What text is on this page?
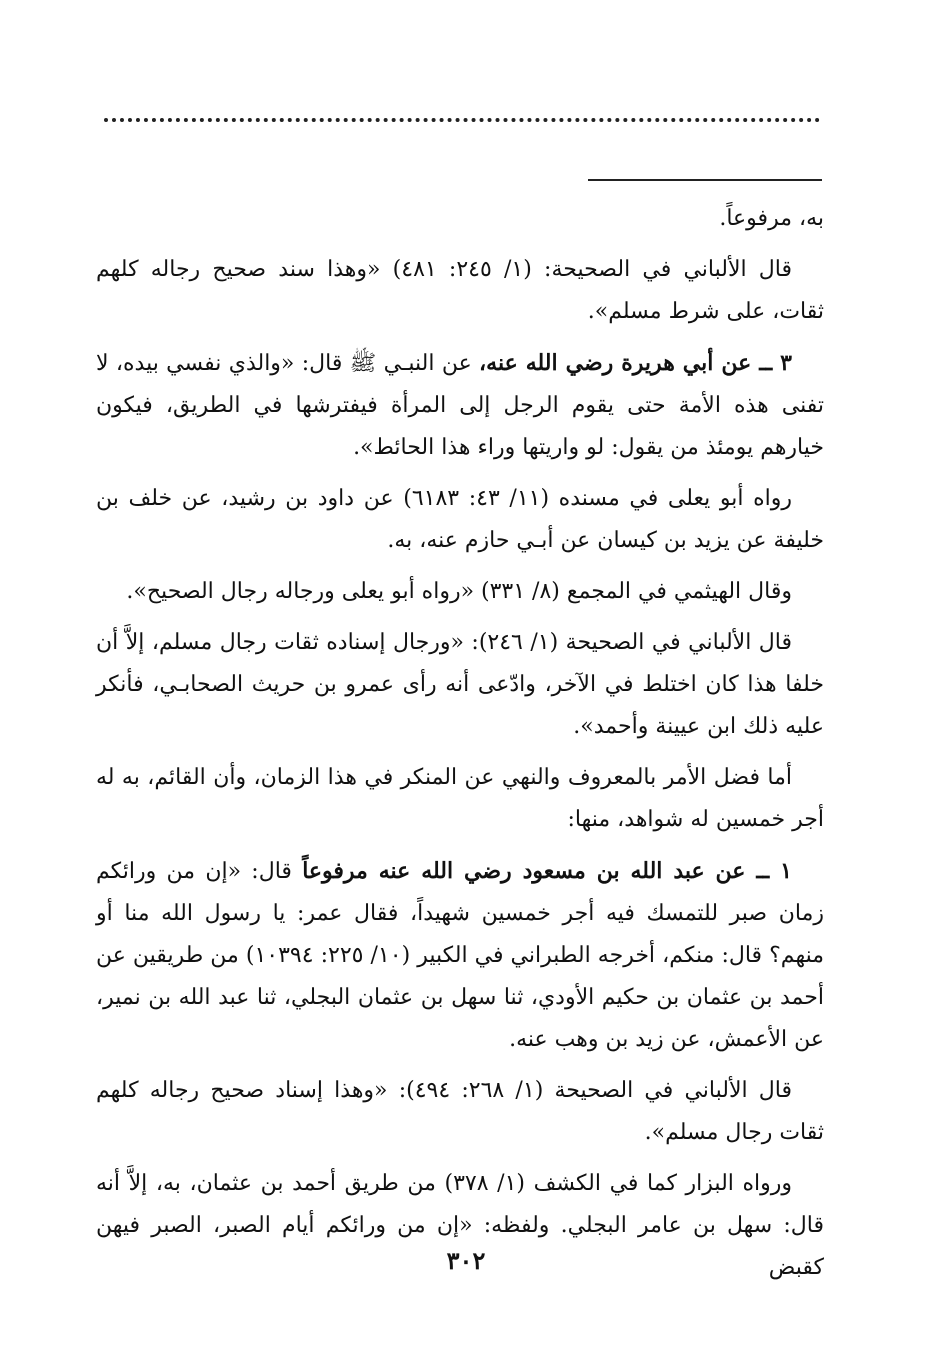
به، مرفوعاً.

قال الألباني في الصحيحة: (١/ ٢٤٥: ٤٨١) «وهذا سند صحيح رجاله كلهم ثقات، على شرط مسلم».

٣ ــ عن أبي هريرة رضي الله عنه، عن النبـي ﷺ قال: «والذي نفسي بيده، لا تفنى هذه الأمة حتى يقوم الرجل إلى المرأة فيفترشها في الطريق، فيكون خيارهم يومئذ من يقول: لو واريتها وراء هذا الحائط».

رواه أبو يعلى في مسنده (١١/ ٤٣: ٦١٨٣) عن داود بن رشيد، عن خلف بن خليفة عن يزيد بن كيسان عن أبـي حازم عنه، به.

وقال الهيثمي في المجمع (٨/ ٣٣١) «رواه أبو يعلى ورجاله رجال الصحيح».

قال الألباني في الصحيحة (١/ ٢٤٦): «ورجال إسناده ثقات رجال مسلم، إلاَّ أن خلفا هذا كان اختلط في الآخر، وادّعى أنه رأى عمرو بن حريث الصحابـي، فأنكر عليه ذلك ابن عيينة وأحمد».

أما فضل الأمر بالمعروف والنهي عن المنكر في هذا الزمان، وأن القائم، به له أجر خمسين له شواهد، منها:

١ ــ عن عبد الله بن مسعود رضي الله عنه مرفوعاً قال: «إن من ورائكم زمان صبر للتمسك فيه أجر خمسين شهيداً، فقال عمر: يا رسول الله منا أو منهم؟ قال: منكم، أخرجه الطبراني في الكبير (١٠/ ٢٢٥: ١٠٣٩٤) من طريقين عن أحمد بن عثمان بن حكيم الأودي، ثنا سهل بن عثمان البجلي، ثنا عبد الله بن نمير، عن الأعمش، عن زيد بن وهب عنه.

قال الألباني في الصحيحة (١/ ٢٦٨: ٤٩٤): «وهذا إسناد صحيح رجاله كلهم ثقات رجال مسلم».

ورواه البزار كما في الكشف (١/ ٣٧٨) من طريق أحمد بن عثمان، به، إلاَّ أنه قال: سهل بن عامر البجلي. ولفظه: «إن من ورائكم أيام الصبر، الصبر فيهن كقبض

٣٠٢
